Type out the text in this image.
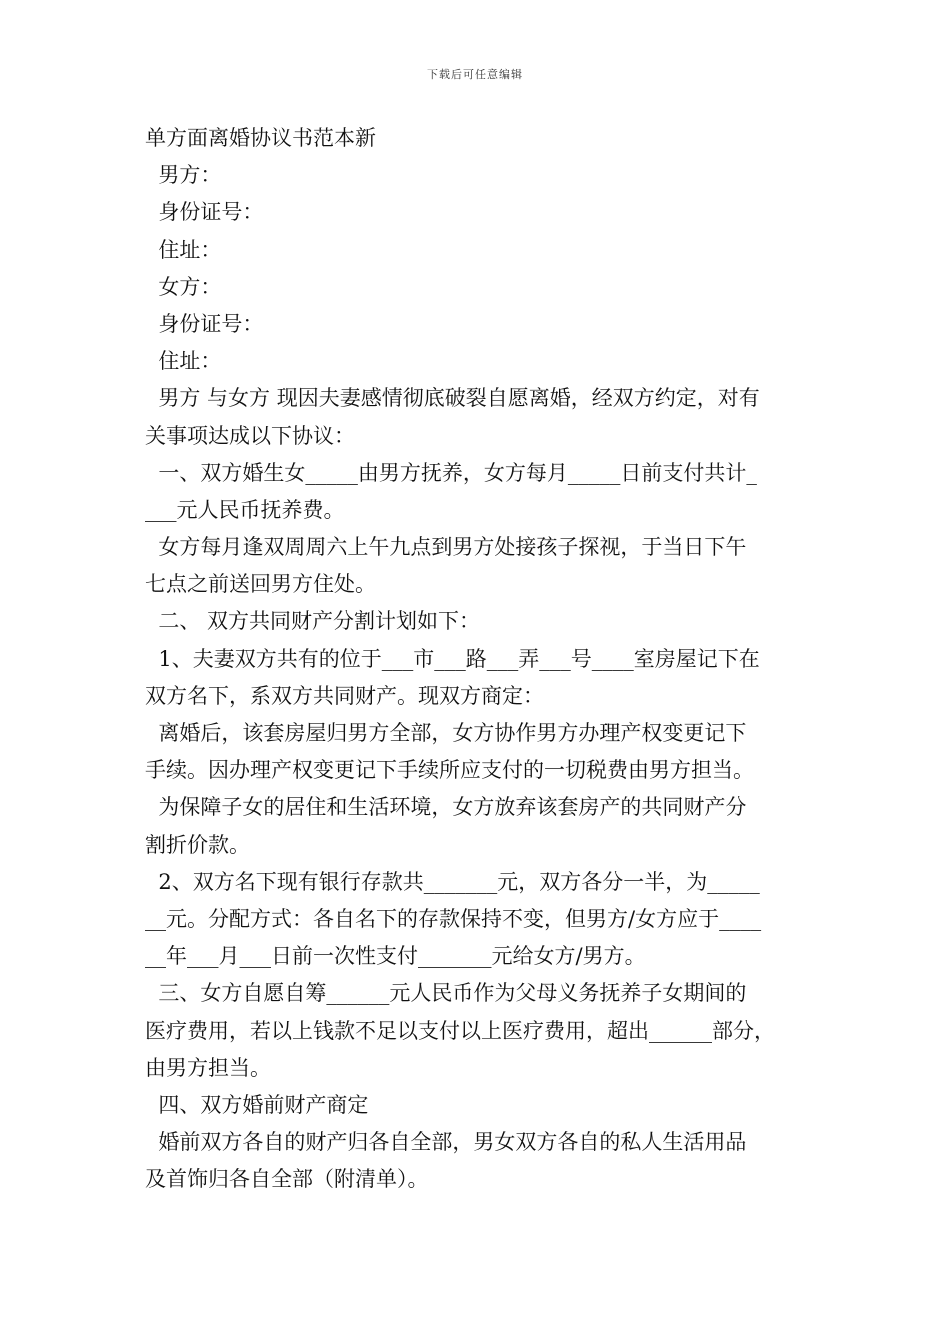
下载后可任意编辑
单方面离婚协议书范本新
男方：
身份证号：
住址：
女方：
身份证号：
住址：
男方 与女方 现因夫妻感情彻底破裂自愿离婚，经双方约定，对有
关事项达成以下协议：
一、双方婚生女_____由男方抚养，女方每月_____日前支付共计_
___元人民币抚养费。
女方每月逢双周周六上午九点到男方处接孩子探视，于当日下午
七点之前送回男方住处。
二、 双方共同财产分割计划如下：
1、夫妻双方共有的位于___市___路___弄___号____室房屋记下在
双方名下，系双方共同财产。现双方商定：
离婚后，该套房屋归男方全部，女方协作男方办理产权变更记下
手续。因办理产权变更记下手续所应支付的一切税费由男方担当。
为保障子女的居住和生活环境，女方放弃该套房产的共同财产分
割折价款。
2、双方名下现有银行存款共_______元，双方各分一半，为_____
__元。分配方式：各自名下的存款保持不变，但男方/女方应于____
__年___月___日前一次性支付_______元给女方/男方。
三、女方自愿自筹______元人民币作为父母义务抚养子女期间的
医疗费用，若以上钱款不足以支付以上医疗费用，超出______部分，
由男方担当。
四、双方婚前财产商定
婚前双方各自的财产归各自全部，男女双方各自的私人生活用品
及首饰归各自全部（附清单）。
